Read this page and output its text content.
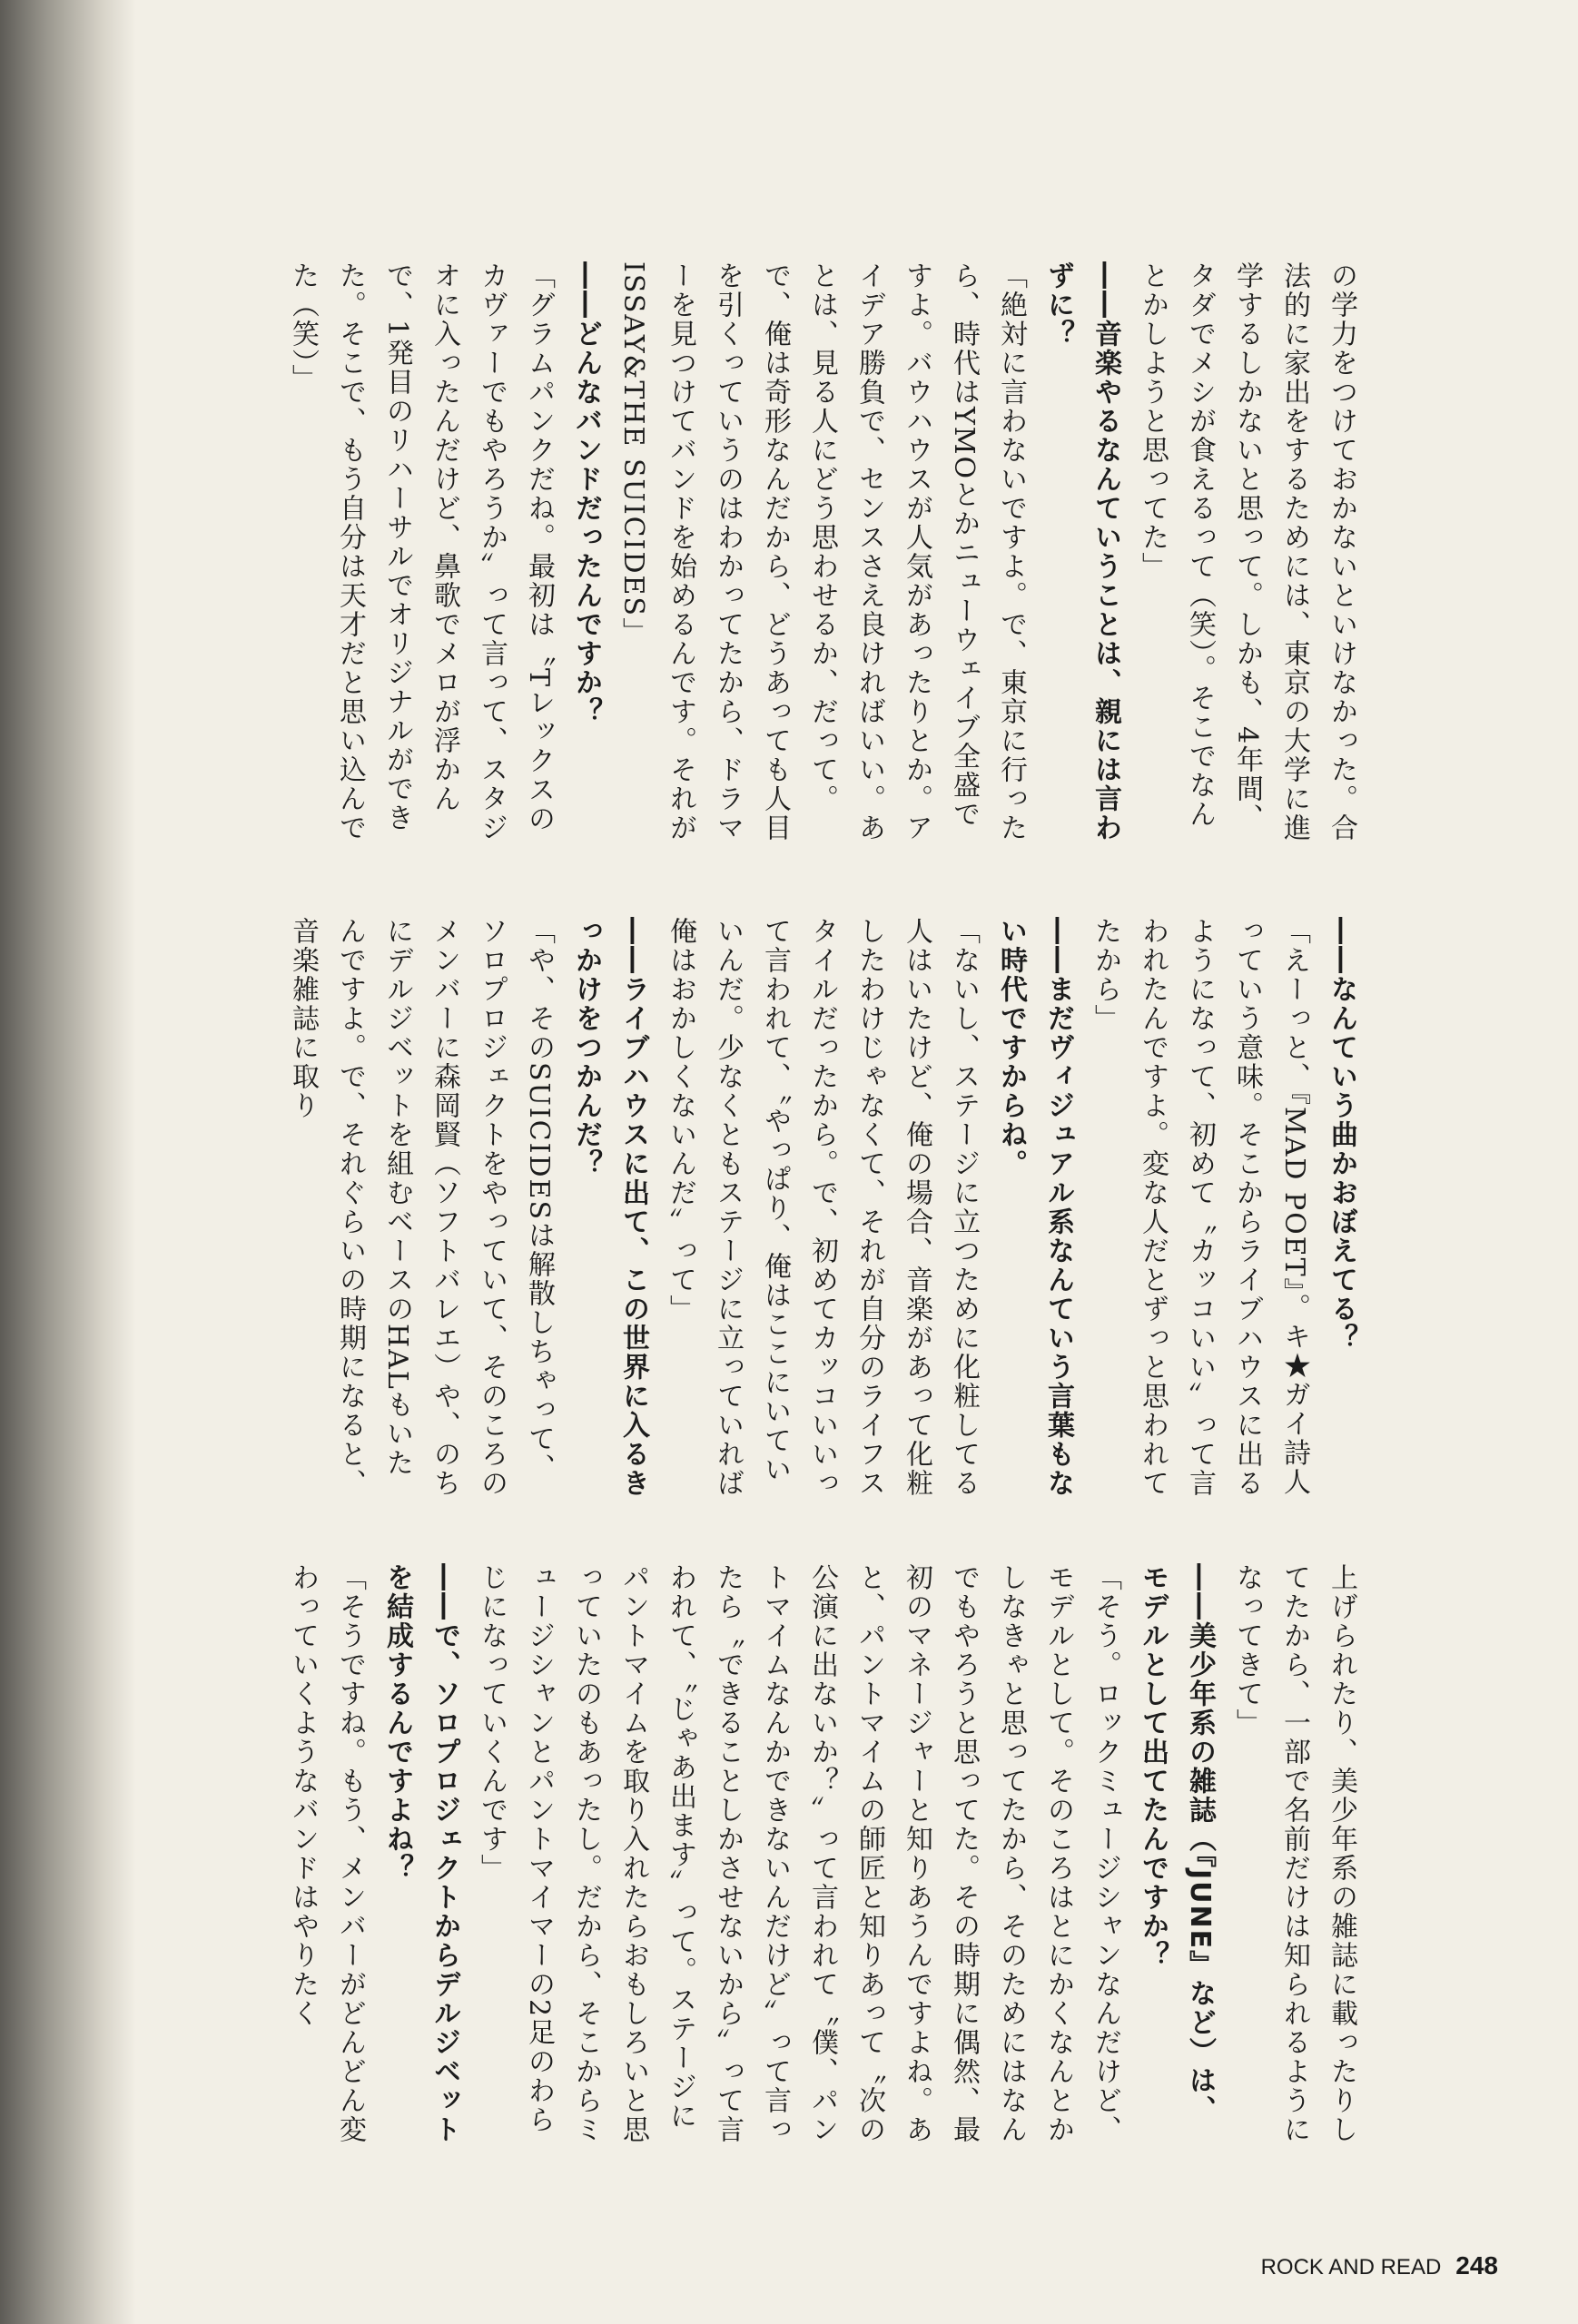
の学力をつけておかないといけなかった。合法的に家出をするためには、東京の大学に進学するしかないと思って。しかも、4年間、タダでメシが食えるって（笑）。そこでなんとかしようと思ってた」

――音楽やるなんていうことは、親には言わずに？

「絶対に言わないですよ。で、東京に行ったら、時代はYMOとかニューウェイブ全盛ですよ。バウハウスが人気があったりとか。アイデア勝負で、センスさえ良ければいい。あとは、見る人にどう思わせるか、だって。で、俺は奇形なんだから、どうあっても人目を引くっていうのはわかってたから、ドラマーを見つけてバンドを始めるんです。それがISSAY&THE SUICIDES」

――どんなバンドだったんですか？

「グラムパンクだね。最初は〝Tレックスのカヴァーでもやろうか〟って言って、スタジオに入ったんだけど、鼻歌でメロが浮かんで、1発目のリハーサルでオリジナルができた。そこで、もう自分は天才だと思い込んでた（笑）」

――なんていう曲かおぼえてる？

「えーっと、『MAD POET』。キ★ガイ詩人っていう意味。そこからライブハウスに出るようになって、初めて〝カッコいい〟って言われたんですよ。変な人だとずっと思われてたから」

――まだヴィジュアル系なんていう言葉もない時代ですからね。

「ないし、ステージに立つために化粧してる人はいたけど、俺の場合、音楽があって化粧したわけじゃなくて、それが自分のライフスタイルだったから。で、初めてカッコいいって言われて、〝やっぱり、俺はここにいていいんだ。少なくともステージに立っていれば俺はおかしくないんだ〟って」

――ライブハウスに出て、この世界に入るきっかけをつかんだ？

「や、そのSUICIDESは解散しちゃって、ソロプロジェクトをやっていて、そのころのメンバーに森岡賢（ソフトバレエ）や、のちにデルジベットを組むベースのHALもいたんですよ。で、それぐらいの時期になると、音楽雑誌に取り

上げられたり、美少年系の雑誌に載ったりしてたから、一部で名前だけは知られるようになってきて」

――美少年系の雑誌（『JUNE』など）は、モデルとして出てたんですか？

「そう。ロックミュージシャンなんだけど、モデルとして。そのころはとにかくなんとかしなきゃと思ってたから、そのためにはなんでもやろうと思ってた。その時期に偶然、最初のマネージャーと知りあうんですよね。あと、パントマイムの師匠と知りあって〝次の公演に出ないか？〟って言われて〝僕、パントマイムなんかできないんだけど〟って言ったら〝できることしかさせないから〟って言われて、〝じゃあ出ます〟って。ステージにパントマイムを取り入れたらおもしろいと思っていたのもあったし。だから、そこからミュージシャンとパントマイマーの2足のわらじになっていくんです」

――で、ソロプロジェクトからデルジベットを結成するんですよね？

「そうですね。もう、メンバーがどんどん変わっていくようなバンドはやりたく

ROCK AND READ 248
